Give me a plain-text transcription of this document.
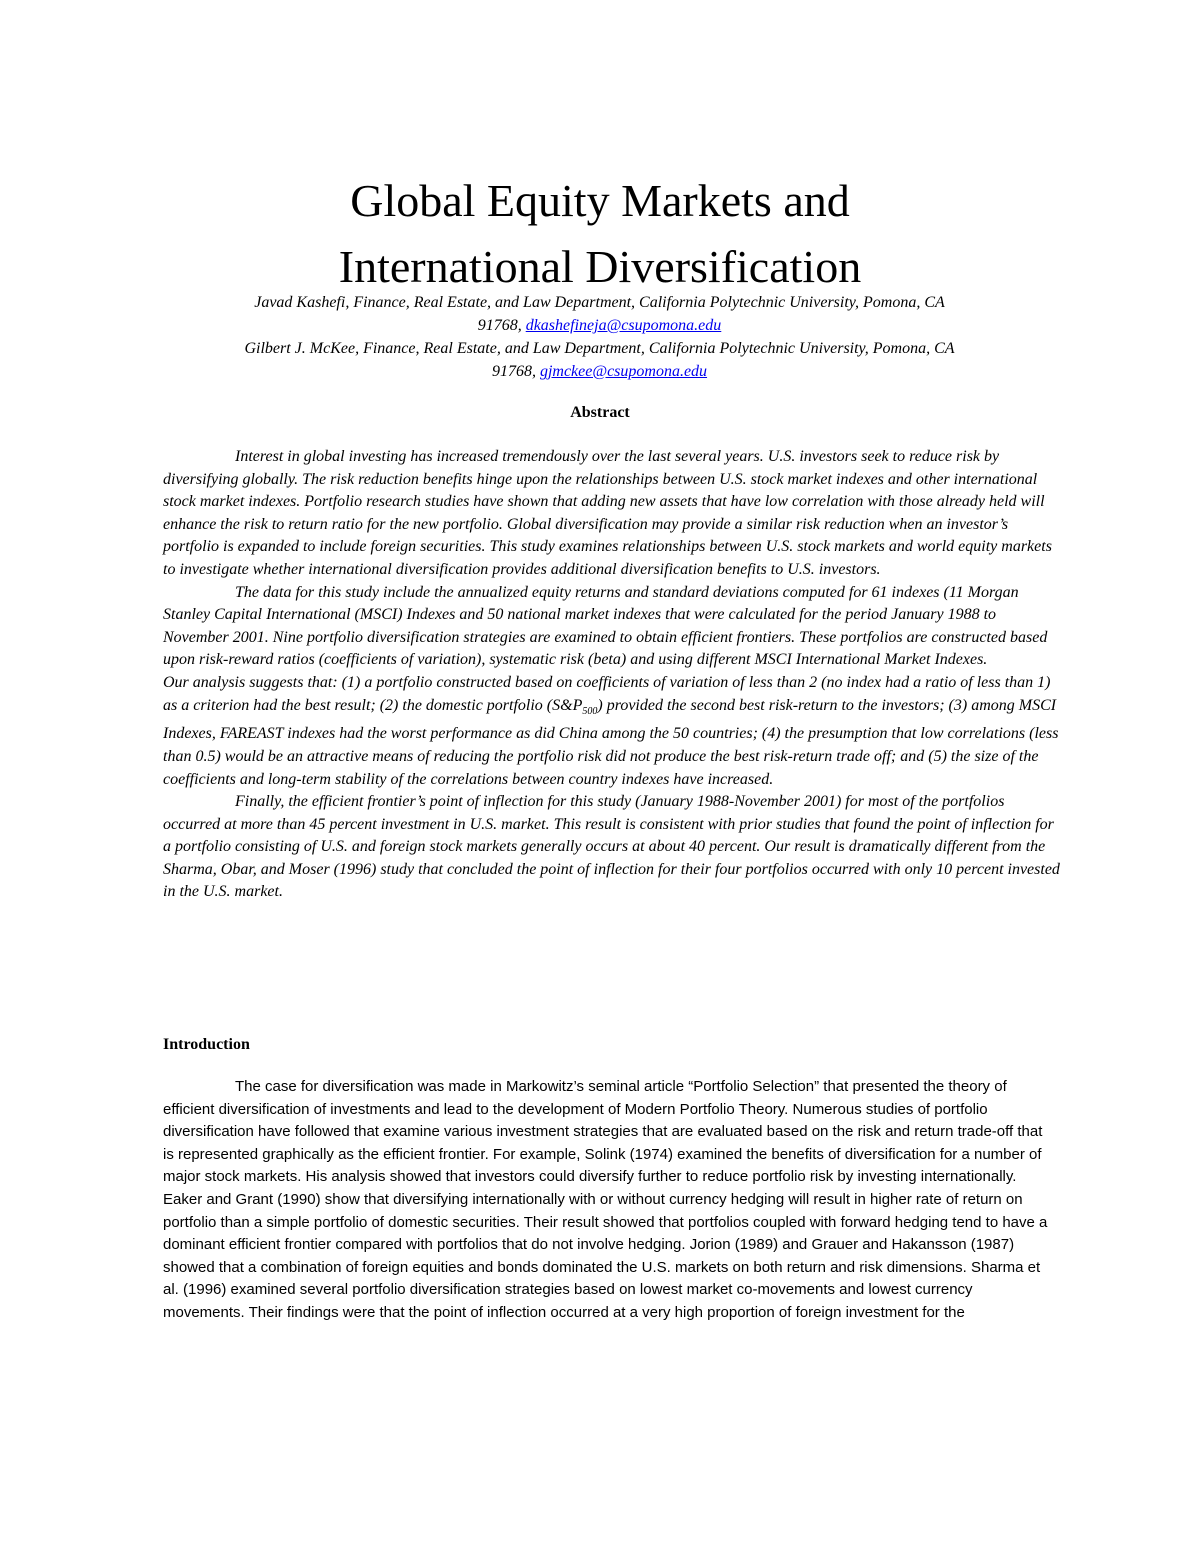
Global Equity Markets and
International Diversification
Javad Kashefi, Finance, Real Estate, and Law Department, California Polytechnic University, Pomona, CA
91768, dkashefineja@csupomona.edu
Gilbert J. McKee, Finance, Real Estate, and Law Department, California Polytechnic University, Pomona, CA
91768, gjmckee@csupomona.edu
Abstract

Interest in global investing has increased tremendously over the last several years. U.S. investors seek to reduce risk by diversifying globally. The risk reduction benefits hinge upon the relationships between U.S. stock market indexes and other international stock market indexes. Portfolio research studies have shown that adding new assets that have low correlation with those already held will enhance the risk to return ratio for the new portfolio. Global diversification may provide a similar risk reduction when an investor’s portfolio is expanded to include foreign securities. This study examines relationships between U.S. stock markets and world equity markets to investigate whether international diversification provides additional diversification benefits to U.S. investors.

The data for this study include the annualized equity returns and standard deviations computed for 61 indexes (11 Morgan Stanley Capital International (MSCI) Indexes and 50 national market indexes that were calculated for the period January 1988 to November 2001. Nine portfolio diversification strategies are examined to obtain efficient frontiers. These portfolios are constructed based upon risk-reward ratios (coefficients of variation), systematic risk (beta) and using different MSCI International Market Indexes.

Our analysis suggests that: (1) a portfolio constructed based on coefficients of variation of less than 2 (no index had a ratio of less than 1) as a criterion had the best result; (2) the domestic portfolio $(S\&P_{500})$ provided the second best risk-return to the investors; (3) among MSCI Indexes, FAREAST indexes had the worst performance as did China among the 50 countries; (4) the presumption that low correlations (less than 0.5) would be an attractive means of reducing the portfolio risk did not produce the best risk-return trade off; and (5) the size of the coefficients and long-term stability of the correlations between country indexes have increased.

Finally, the efficient frontier’s point of inflection for this study (January 1988-November 2001) for most of the portfolios occurred at more than 45 percent investment in U.S. market. This result is consistent with prior studies that found the point of inflection for a portfolio consisting of U.S. and foreign stock markets generally occurs at about 40 percent. Our result is dramatically different from the Sharma, Obar, and Moser (1996) study that concluded the point of inflection for their four portfolios occurred with only 10 percent invested in the U.S. market.

Introduction

The case for diversification was made in Markowitz’s seminal article “Portfolio Selection” that presented the theory of efficient diversification of investments and lead to the development of Modern Portfolio Theory. Numerous studies of portfolio diversification have followed that examine various investment strategies that are evaluated based on the risk and return trade-off that is represented graphically as the efficient frontier. For example, Solink (1974) examined the benefits of diversification for a number of major stock markets. His analysis showed that investors could diversify further to reduce portfolio risk by investing internationally. Eaker and Grant (1990) show that diversifying internationally with or without currency hedging will result in higher rate of return on portfolio than a simple portfolio of domestic securities. Their result showed that portfolios coupled with forward hedging tend to have a dominant efficient frontier compared with portfolios that do not involve hedging. Jorion (1989) and Grauer and Hakansson (1987) showed that a combination of foreign equities and bonds dominated the U.S. markets on both return and risk dimensions. Sharma et al. (1996) examined several portfolio diversification strategies based on lowest market co-movements and lowest currency movements. Their findings were that the point of inflection occurred at a very high proportion of foreign investment for the
